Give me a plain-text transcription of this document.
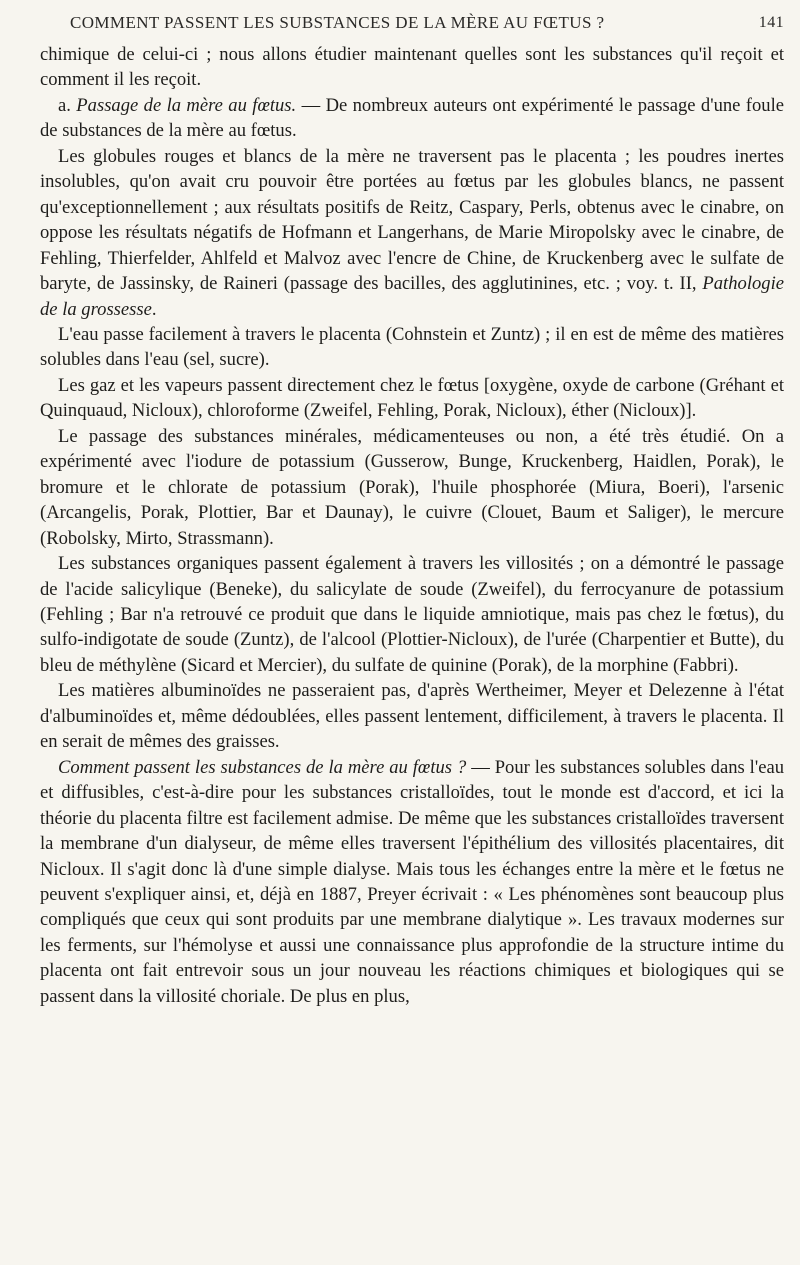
COMMENT PASSENT LES SUBSTANCES DE LA MÈRE AU FŒTUS ?	141

chimique de celui-ci ; nous allons étudier maintenant quelles sont les substances qu'il reçoit et comment il les reçoit.

a. Passage de la mère au fœtus. — De nombreux auteurs ont expérimenté le passage d'une foule de substances de la mère au fœtus.

Les globules rouges et blancs de la mère ne traversent pas le placenta ; les poudres inertes insolubles, qu'on avait cru pouvoir être portées au fœtus par les globules blancs, ne passent qu'exceptionnellement ; aux résultats positifs de Reitz, Caspary, Perls, obtenus avec le cinabre, on oppose les résultats négatifs de Hofmann et Langerhans, de Marie Miropolsky avec le cinabre, de Fehling, Thierfelder, Ahlfeld et Malvoz avec l'encre de Chine, de Kruckenberg avec le sulfate de baryte, de Jassinsky, de Raineri (passage des bacilles, des agglutinines, etc. ; voy. t. II, Pathologie de la grossesse.

L'eau passe facilement à travers le placenta (Cohnstein et Zuntz) ; il en est de même des matières solubles dans l'eau (sel, sucre).

Les gaz et les vapeurs passent directement chez le fœtus [oxygène, oxyde de carbone (Gréhant et Quinquaud, Nicloux), chloroforme (Zweifel, Fehling, Porak, Nicloux), éther (Nicloux)].

Le passage des substances minérales, médicamenteuses ou non, a été très étudié. On a expérimenté avec l'iodure de potassium (Gusserow, Bunge, Kruckenberg, Haidlen, Porak), le bromure et le chlorate de potassium (Porak), l'huile phosphorée (Miura, Boeri), l'arsenic (Arcangelis, Porak, Plottier, Bar et Daunay), le cuivre (Clouet, Baum et Saliger), le mercure (Robolsky, Mirto, Strassmann).

Les substances organiques passent également à travers les villosités ; on a démontré le passage de l'acide salicylique (Beneke), du salicylate de soude (Zweifel), du ferrocyanure de potassium (Fehling ; Bar n'a retrouvé ce produit que dans le liquide amniotique, mais pas chez le fœtus), du sulfo-indigotate de soude (Zuntz), de l'alcool (Plottier-Nicloux), de l'urée (Charpentier et Butte), du bleu de méthylène (Sicard et Mercier), du sulfate de quinine (Porak), de la morphine (Fabbri).

Les matières albuminoïdes ne passeraient pas, d'après Wertheimer, Meyer et Delezenne à l'état d'albuminoïdes et, même dédoublées, elles passent lentement, difficilement, à travers le placenta. Il en serait de mêmes des graisses.

Comment passent les substances de la mère au fœtus ? — Pour les substances solubles dans l'eau et diffusibles, c'est-à-dire pour les substances cristalloïdes, tout le monde est d'accord, et ici la théorie du placenta filtre est facilement admise. De même que les substances cristalloïdes traversent la membrane d'un dialyseur, de même elles traversent l'épithélium des villosités placentaires, dit Nicloux. Il s'agit donc là d'une simple dialyse. Mais tous les échanges entre la mère et le fœtus ne peuvent s'expliquer ainsi, et, déjà en 1887, Preyer écrivait : « Les phénomènes sont beaucoup plus compliqués que ceux qui sont produits par une membrane dialytique ». Les travaux modernes sur les ferments, sur l'hémolyse et aussi une connaissance plus approfondie de la structure intime du placenta ont fait entrevoir sous un jour nouveau les réactions chimiques et biologiques qui se passent dans la villosité choriale. De plus en plus,
